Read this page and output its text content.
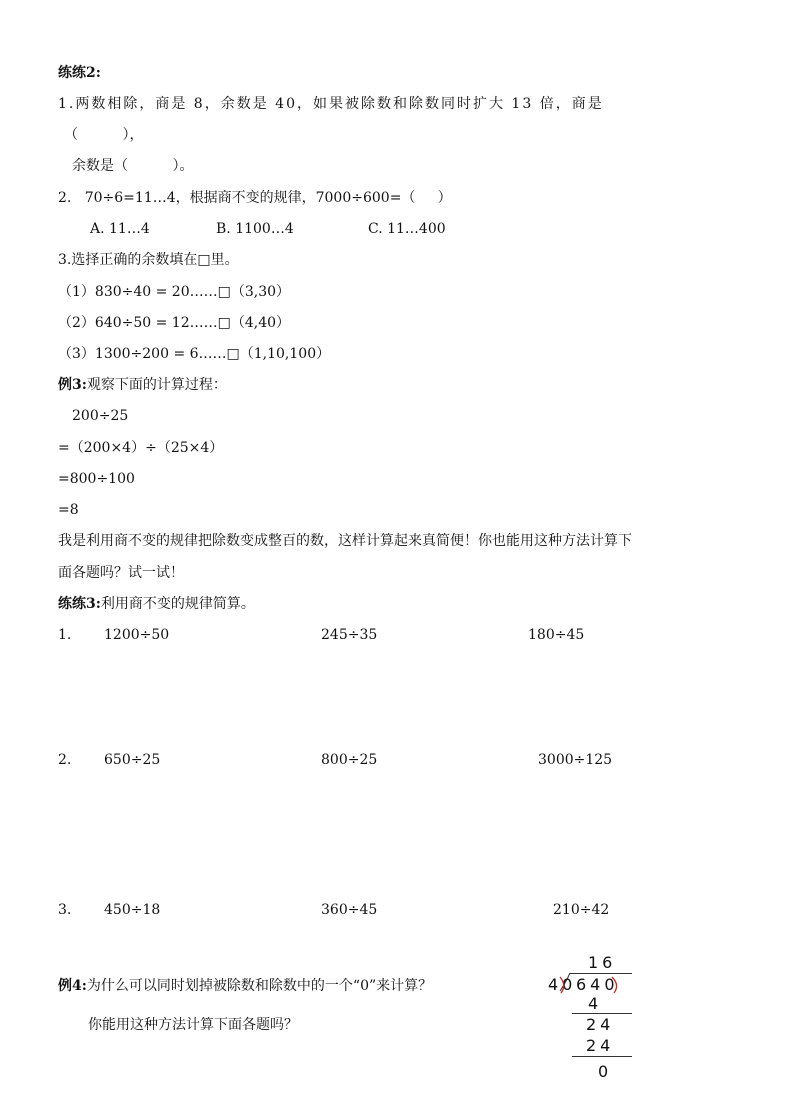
练练2:
1.两数相除，商是 8，余数是 40，如果被除数和除数同时扩大 13 倍，商是
（          ），
余数是（          ）。
2.   70÷6=11…4，根据商不变的规律，7000÷600=（     ）
A. 11…4	B. 1100…4	C. 11…400
3.选择正确的余数填在□里。
（1）830÷40 = 20……□（3,30）
（2）640÷50 = 12……□（4,40）
（3）1300÷200 = 6……□（1,10,100）
例3:观察下面的计算过程：
200÷25
=（200×4）÷（25×4）
=800÷100
=8
我是利用商不变的规律把除数变成整百的数，这样计算起来真简便！你也能用这种方法计算下
面各题吗？试一试！
练练3:利用商不变的规律简算。
1. 1200÷50	245÷35	180÷45
2. 650÷25	800÷25	3000÷125
3. 450÷18	360÷45	210÷42
例4:为什么可以同时划掉被除数和除数中的一个“0”来计算？
你能用这种方法计算下面各题吗？
16
40 640
4
24
24
0
